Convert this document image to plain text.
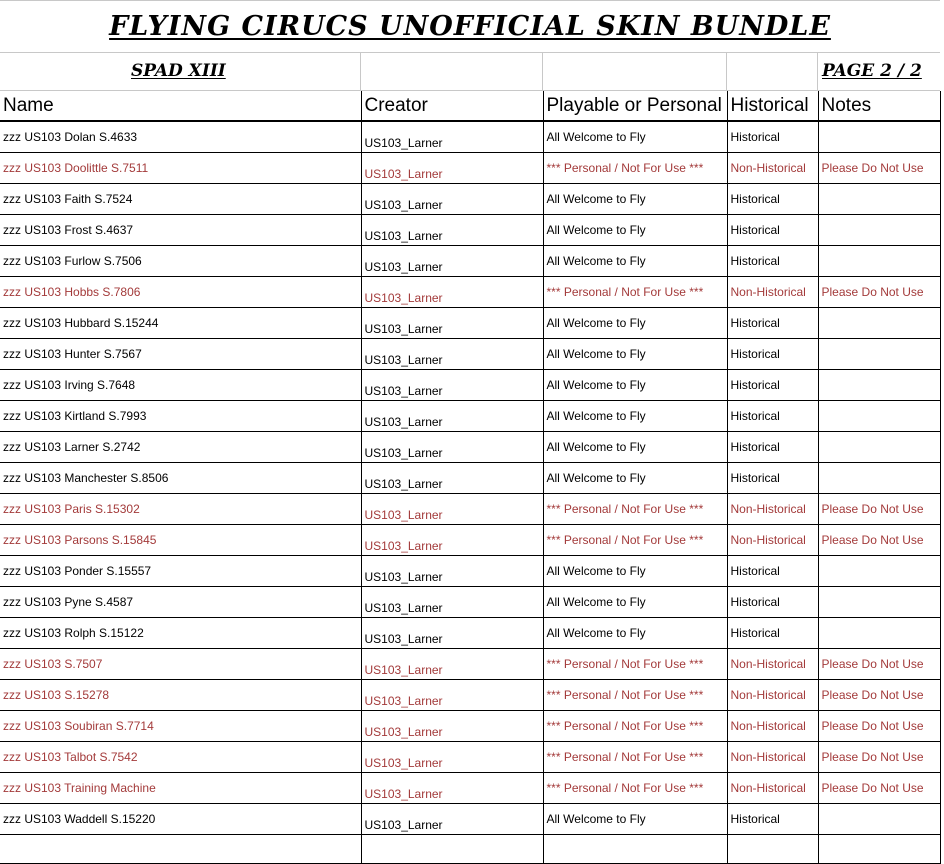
FLYING CIRUCS UNOFFICIAL SKIN BUNDLE
SPAD XIII	PAGE 2 / 2
Name	Creator	Playable or Personal	Historical	Notes
zzz US103 Dolan S.4633	US103_Larner	All Welcome to Fly	Historical	
zzz US103 Doolittle S.7511	US103_Larner	*** Personal / Not For Use ***	Non-Historical	Please Do Not Use
zzz US103 Faith S.7524	US103_Larner	All Welcome to Fly	Historical	
zzz US103 Frost S.4637	US103_Larner	All Welcome to Fly	Historical	
zzz US103 Furlow S.7506	US103_Larner	All Welcome to Fly	Historical	
zzz US103 Hobbs S.7806	US103_Larner	*** Personal / Not For Use ***	Non-Historical	Please Do Not Use
zzz US103 Hubbard S.15244	US103_Larner	All Welcome to Fly	Historical	
zzz US103 Hunter S.7567	US103_Larner	All Welcome to Fly	Historical	
zzz US103 Irving S.7648	US103_Larner	All Welcome to Fly	Historical	
zzz US103 Kirtland S.7993	US103_Larner	All Welcome to Fly	Historical	
zzz US103 Larner S.2742	US103_Larner	All Welcome to Fly	Historical	
zzz US103 Manchester S.8506	US103_Larner	All Welcome to Fly	Historical	
zzz US103 Paris S.15302	US103_Larner	*** Personal / Not For Use ***	Non-Historical	Please Do Not Use
zzz US103 Parsons S.15845	US103_Larner	*** Personal / Not For Use ***	Non-Historical	Please Do Not Use
zzz US103 Ponder S.15557	US103_Larner	All Welcome to Fly	Historical	
zzz US103 Pyne S.4587	US103_Larner	All Welcome to Fly	Historical	
zzz US103 Rolph S.15122	US103_Larner	All Welcome to Fly	Historical	
zzz US103 S.7507	US103_Larner	*** Personal / Not For Use ***	Non-Historical	Please Do Not Use
zzz US103 S.15278	US103_Larner	*** Personal / Not For Use ***	Non-Historical	Please Do Not Use
zzz US103 Soubiran S.7714	US103_Larner	*** Personal / Not For Use ***	Non-Historical	Please Do Not Use
zzz US103 Talbot S.7542	US103_Larner	*** Personal / Not For Use ***	Non-Historical	Please Do Not Use
zzz US103 Training Machine	US103_Larner	*** Personal / Not For Use ***	Non-Historical	Please Do Not Use
zzz US103 Waddell S.15220	US103_Larner	All Welcome to Fly	Historical	
